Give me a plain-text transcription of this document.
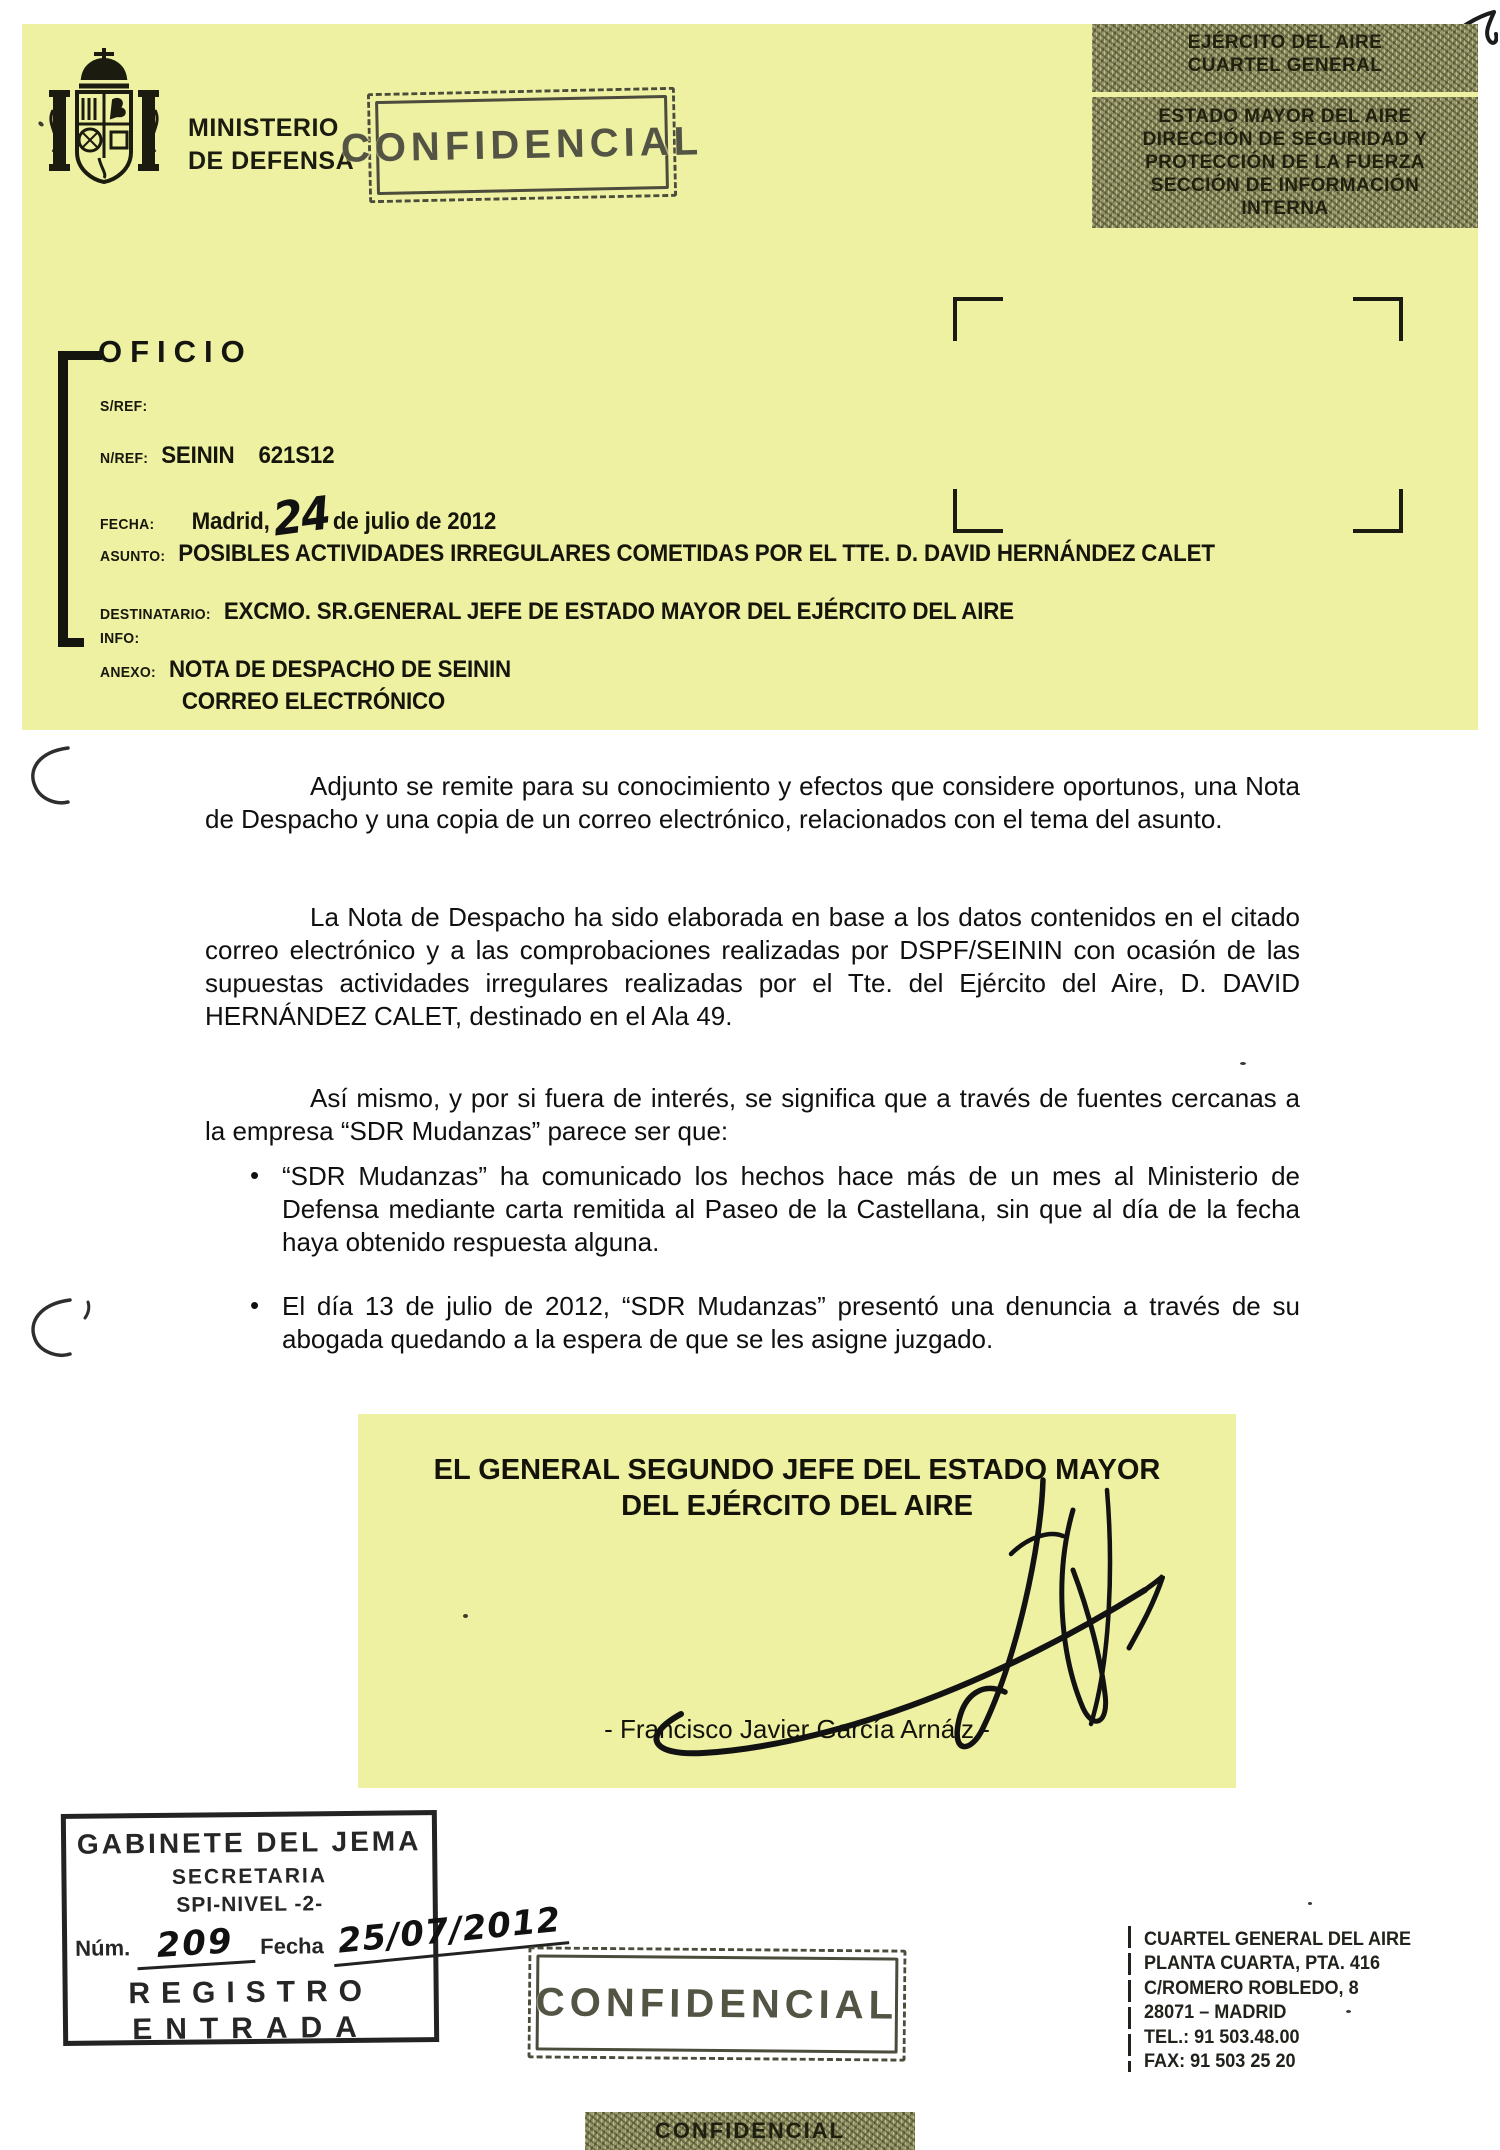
MINISTERIO
DE DEFENSA
CONFIDENCIAL
EJÉRCITO DEL AIRE
CUARTEL GENERAL
ESTADO MAYOR DEL AIRE
DIRECCIÓN DE SEGURIDAD Y
PROTECCIÓN DE LA FUERZA
SECCIÓN DE INFORMACIÓN
INTERNA
OFICIO
S/REF:
N/REF: SEININ    621S12
FECHA: Madrid, 24 de julio de 2012
ASUNTO: POSIBLES ACTIVIDADES IRREGULARES COMETIDAS POR EL TTE. D. DAVID HERNÁNDEZ CALET
DESTINATARIO: EXCMO. SR.GENERAL JEFE DE ESTADO MAYOR DEL EJÉRCITO DEL AIRE
INFO:
ANEXO: NOTA DE DESPACHO DE SEININ
CORREO ELECTRÓNICO
Adjunto se remite para su conocimiento y efectos que considere oportunos, una Nota de Despacho y una copia de un correo electrónico, relacionados con el tema del asunto.
La Nota de Despacho ha sido elaborada en base a los datos contenidos en el citado correo electrónico y a las comprobaciones realizadas por DSPF/SEININ con ocasión de las supuestas actividades irregulares realizadas por el Tte. del Ejército del Aire, D. DAVID HERNÁNDEZ CALET, destinado en el Ala 49.
Así mismo, y por si fuera de interés, se significa que a través de fuentes cercanas a la empresa “SDR Mudanzas” parece ser que:
• “SDR Mudanzas” ha comunicado los hechos hace más de un mes al Ministerio de Defensa mediante carta remitida al Paseo de la Castellana, sin que al día de la fecha haya obtenido respuesta alguna.
• El día 13 de julio de 2012, “SDR Mudanzas” presentó una denuncia a través de su abogada quedando a la espera de que se les asigne juzgado.
EL GENERAL SEGUNDO JEFE DEL ESTADO MAYOR
DEL EJÉRCITO DEL AIRE
- Francisco Javier García Arnáiz -
GABINETE DEL JEMA
SECRETARIA
SPI-NIVEL -2-
Núm. 209	Fecha 25/07/2012
REGISTRO
ENTRADA
CONFIDENCIAL
CUARTEL GENERAL DEL AIRE
PLANTA CUARTA, PTA. 416
C/ROMERO ROBLEDO, 8
28071 – MADRID
TEL.: 91 503.48.00
FAX: 91 503 25 20
CONFIDENCIAL
